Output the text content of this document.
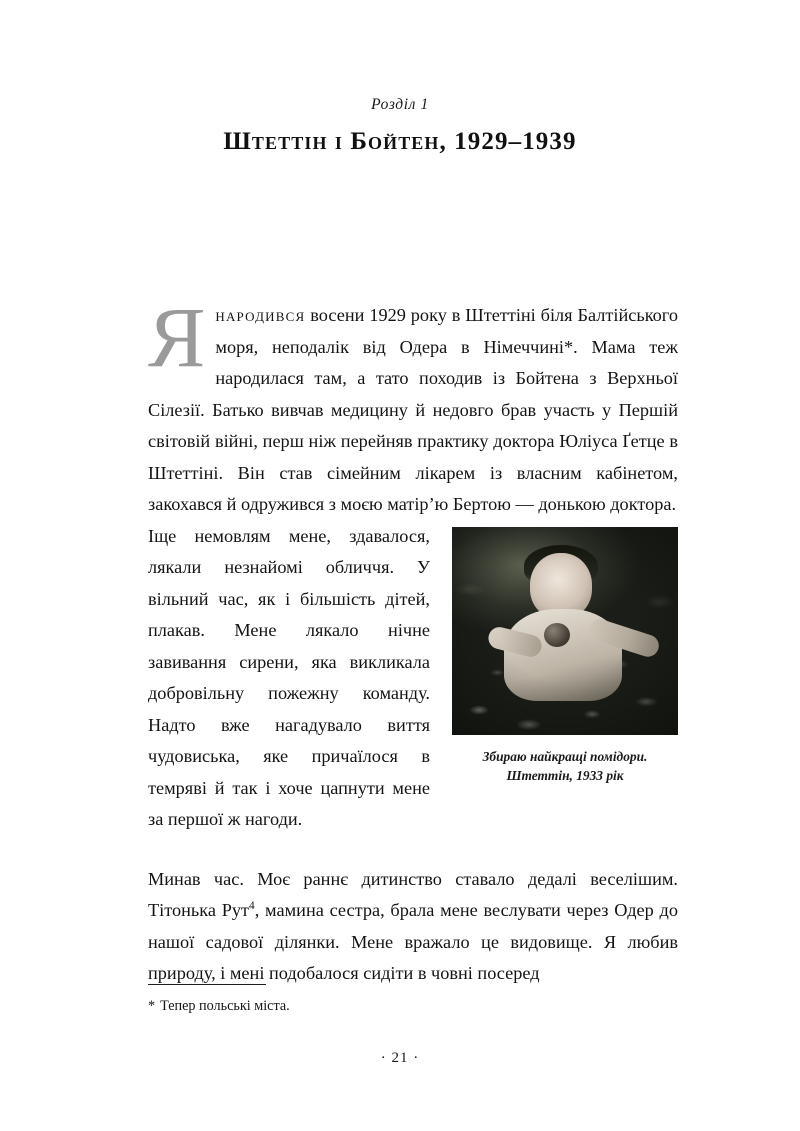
Розділ 1
Штеттін і Бойтен, 1929–1939

Янародився восени 1929 року в Штеттіні біля Балтійського моря, неподалік від Одера в Німеччині*. Мама теж народилася там, а тато походив із Бойтена з Верхньої Сілезії. Батько вивчав медицину й недовго брав участь у Першій світовій війні, перш ніж перейняв практику доктора Юліуса Ґетце в Штеттіні. Він став сімейним лікарем із власним кабінетом, закохався й одружився з моєю матір’ю Бертою — донькою доктора.

Збираю найкращі помідори.
Штеттін, 1933 рік

Іще немовлям мене, здавалося, лякали незнайомі обличчя. У вільний час, як і більшість дітей, плакав. Мене лякало нічне завивання сирени, яка викликала добровільну пожежну команду. Надто вже нагадувало виття чудовиська, яке причаїлося в темряві й так і хоче цапнути мене за першої ж нагоди.

Минав час. Моє раннє дитинство ставало дедалі веселішим. Тітонька Рут$^4$, мамина сестра, брала мене веслувати через Одер до нашої садової ділянки. Мене вражало це видовище. Я любив природу, і мені подобалося сидіти в човні посеред

* Тепер польські міста.
· 21 ·
